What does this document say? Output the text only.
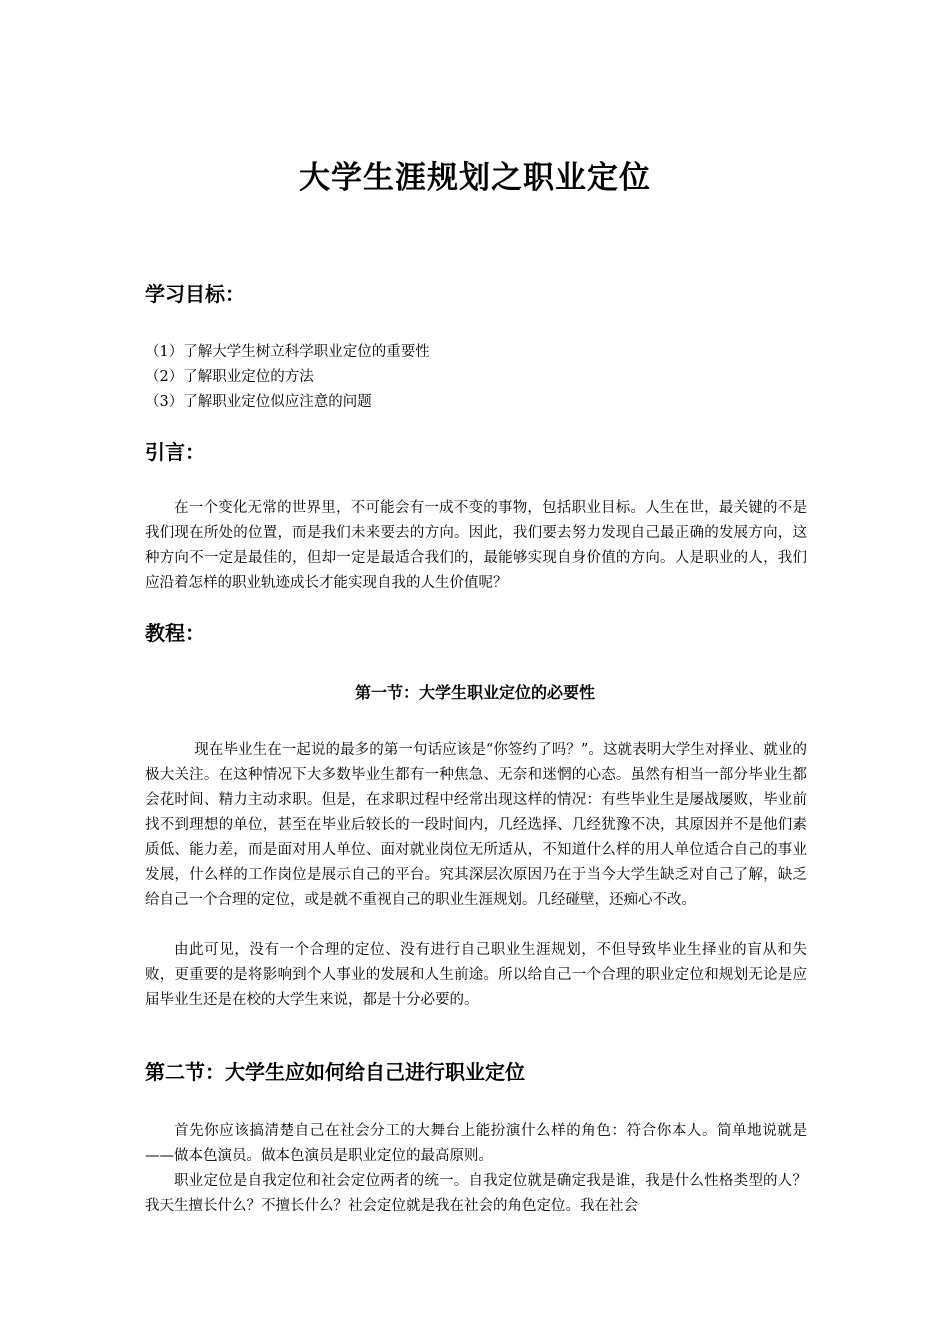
大学生涯规划之职业定位
学习目标：
（1）了解大学生树立科学职业定位的重要性
（2）了解职业定位的方法
（3）了解职业定位似应注意的问题
引言：

在一个变化无常的世界里，不可能会有一成不变的事物，包括职业目标。人生在世，最关键的不是我们现在所处的位置，而是我们未来要去的方向。因此，我们要去努力发现自己最正确的发展方向，这种方向不一定是最佳的，但却一定是最适合我们的，最能够实现自身价值的方向。人是职业的人，我们应沿着怎样的职业轨迹成长才能实现自我的人生价值呢？

教程：
第一节：大学生职业定位的必要性

现在毕业生在一起说的最多的第一句话应该是“你签约了吗？”。这就表明大学生对择业、就业的极大关注。在这种情况下大多数毕业生都有一种焦急、无奈和迷惘的心态。虽然有相当一部分毕业生都会花时间、精力主动求职。但是，在求职过程中经常出现这样的情况：有些毕业生是屡战屡败，毕业前找不到理想的单位，甚至在毕业后较长的一段时间内，几经选择、几经犹豫不决，其原因并不是他们素质低、能力差，而是面对用人单位、面对就业岗位无所适从，不知道什么样的用人单位适合自己的事业发展，什么样的工作岗位是展示自己的平台。究其深层次原因乃在于当今大学生缺乏对自己了解，缺乏给自己一个合理的定位，或是就不重视自己的职业生涯规划。几经碰壁，还痴心不改。

由此可见，没有一个合理的定位、没有进行自己职业生涯规划，不但导致毕业生择业的盲从和失败，更重要的是将影响到个人事业的发展和人生前途。所以给自己一个合理的职业定位和规划无论是应届毕业生还是在校的大学生来说，都是十分必要的。

第二节：大学生应如何给自己进行职业定位

首先你应该搞清楚自己在社会分工的大舞台上能扮演什么样的角色：符合你本人。简单地说就是——做本色演员。做本色演员是职业定位的最高原则。

职业定位是自我定位和社会定位两者的统一。自我定位就是确定我是谁，我是什么性格类型的人？我天生擅长什么？不擅长什么？社会定位就是我在社会的角色定位。我在社会
